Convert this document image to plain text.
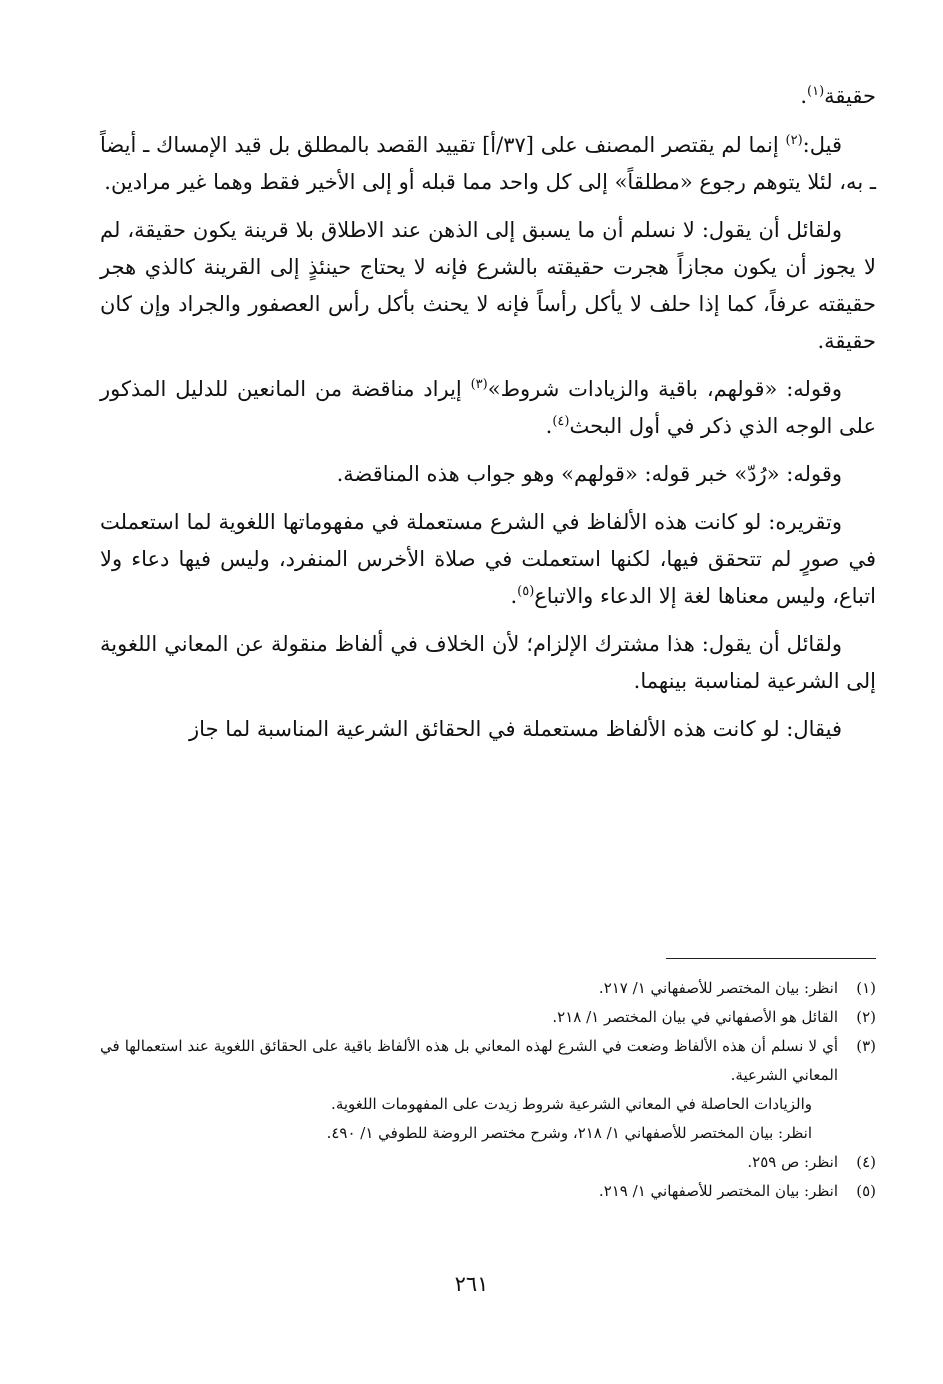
حقيقة$^{(١)}$.

قيل:$^{(٢)}$ إنما لم يقتصر المصنف على [٣٧/أ] تقييد القصد بالمطلق بل قيد الإمساك ـ أيضاً ـ به، لئلا يتوهم رجوع «مطلقاً» إلى كل واحد مما قبله أو إلى الأخير فقط وهما غير مرادين.

ولقائل أن يقول: لا نسلم أن ما يسبق إلى الذهن عند الاطلاق بلا قرينة يكون حقيقة، لم لا يجوز أن يكون مجازاً هجرت حقيقته بالشرع فإنه لا يحتاج حينئذٍ إلى القرينة كالذي هجر حقيقته عرفاً، كما إذا حلف لا يأكل رأساً فإنه لا يحنث بأكل رأس العصفور والجراد وإن كان حقيقة.

وقوله: «قولهم، باقية والزيادات شروط»$^{(٣)}$ إيراد مناقضة من المانعين للدليل المذكور على الوجه الذي ذكر في أول البحث$^{(٤)}$.

وقوله: «رُدّ» خبر قوله: «قولهم» وهو جواب هذه المناقضة.

وتقريره: لو كانت هذه الألفاظ في الشرع مستعملة في مفهوماتها اللغوية لما استعملت في صورٍ لم تتحقق فيها، لكنها استعملت في صلاة الأخرس المنفرد، وليس فيها دعاء ولا اتباع، وليس معناها لغة إلا الدعاء والاتباع$^{(٥)}$.

ولقائل أن يقول: هذا مشترك الإلزام؛ لأن الخلاف في ألفاظ منقولة عن المعاني اللغوية إلى الشرعية لمناسبة بينهما.

فيقال: لو كانت هذه الألفاظ مستعملة في الحقائق الشرعية المناسبة لما جاز

(١)
انظر: بيان المختصر للأصفهاني ١/ ٢١٧.
(٢)
القائل هو الأصفهاني في بيان المختصر ١/ ٢١٨.
(٣)
أي لا نسلم أن هذه الألفاظ وضعت في الشرع لهذه المعاني بل هذه الألفاظ باقية على الحقائق اللغوية عند استعمالها في المعاني الشرعية.
والزيادات الحاصلة في المعاني الشرعية شروط زيدت على المفهومات اللغوية.
انظر: بيان المختصر للأصفهاني ١/ ٢١٨، وشرح مختصر الروضة للطوفي ١/ ٤٩٠.
(٤)
انظر: ص ٢٥٩.
(٥)
انظر: بيان المختصر للأصفهاني ١/ ٢١٩.
٢٦١
